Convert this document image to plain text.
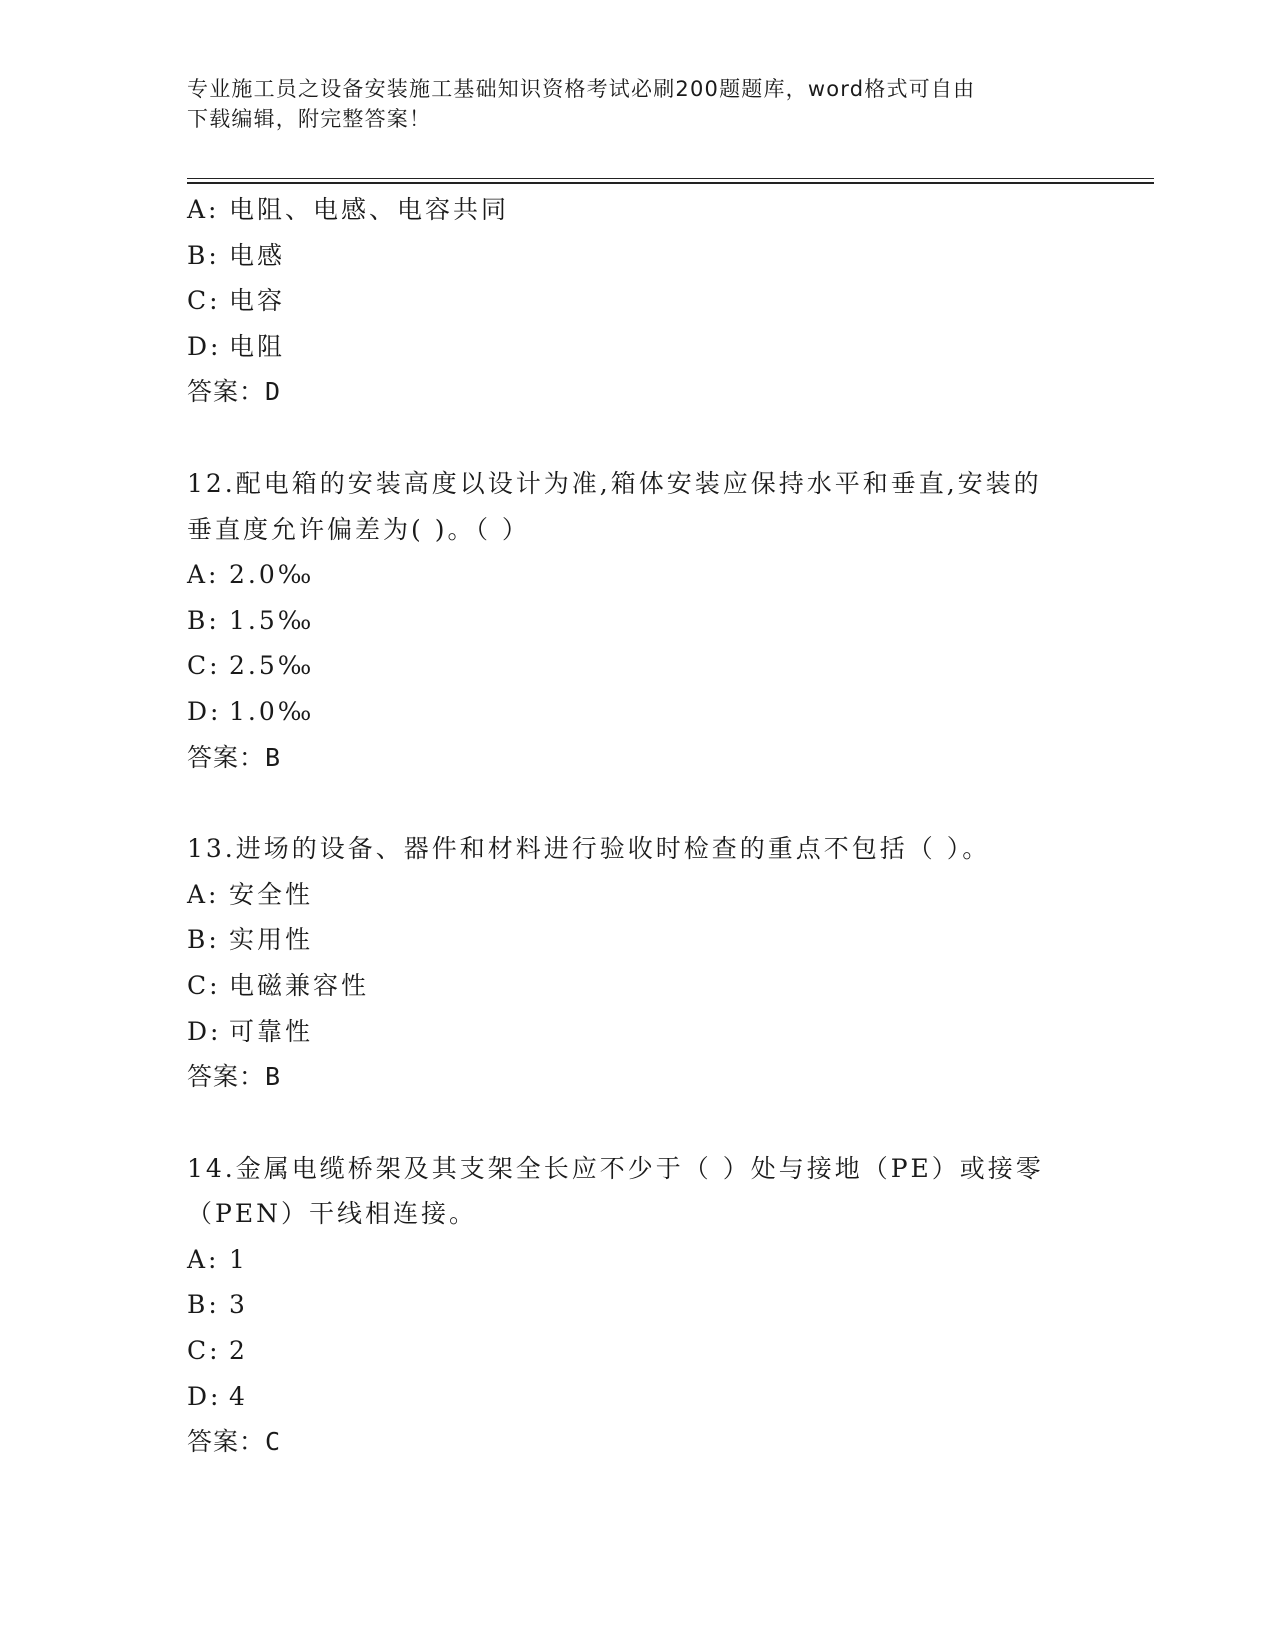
专业施工员之设备安装施工基础知识资格考试必刷200题题库，word格式可自由
下载编辑，附完整答案！
A: 电阻、电感、电容共同
B: 电感
C: 电容
D: 电阻
答案：D
12.配电箱的安装高度以设计为准,箱体安装应保持水平和垂直,安装的
垂直度允许偏差为( )。（ ）
A: 2.0‰
B: 1.5‰
C: 2.5‰
D: 1.0‰
答案：B
13.进场的设备、器件和材料进行验收时检查的重点不包括（ ）。
A: 安全性
B: 实用性
C: 电磁兼容性
D: 可靠性
答案：B
14.金属电缆桥架及其支架全长应不少于（ ）处与接地（PE）或接零
（PEN）干线相连接。
A: 1
B: 3
C: 2
D: 4
答案：C
